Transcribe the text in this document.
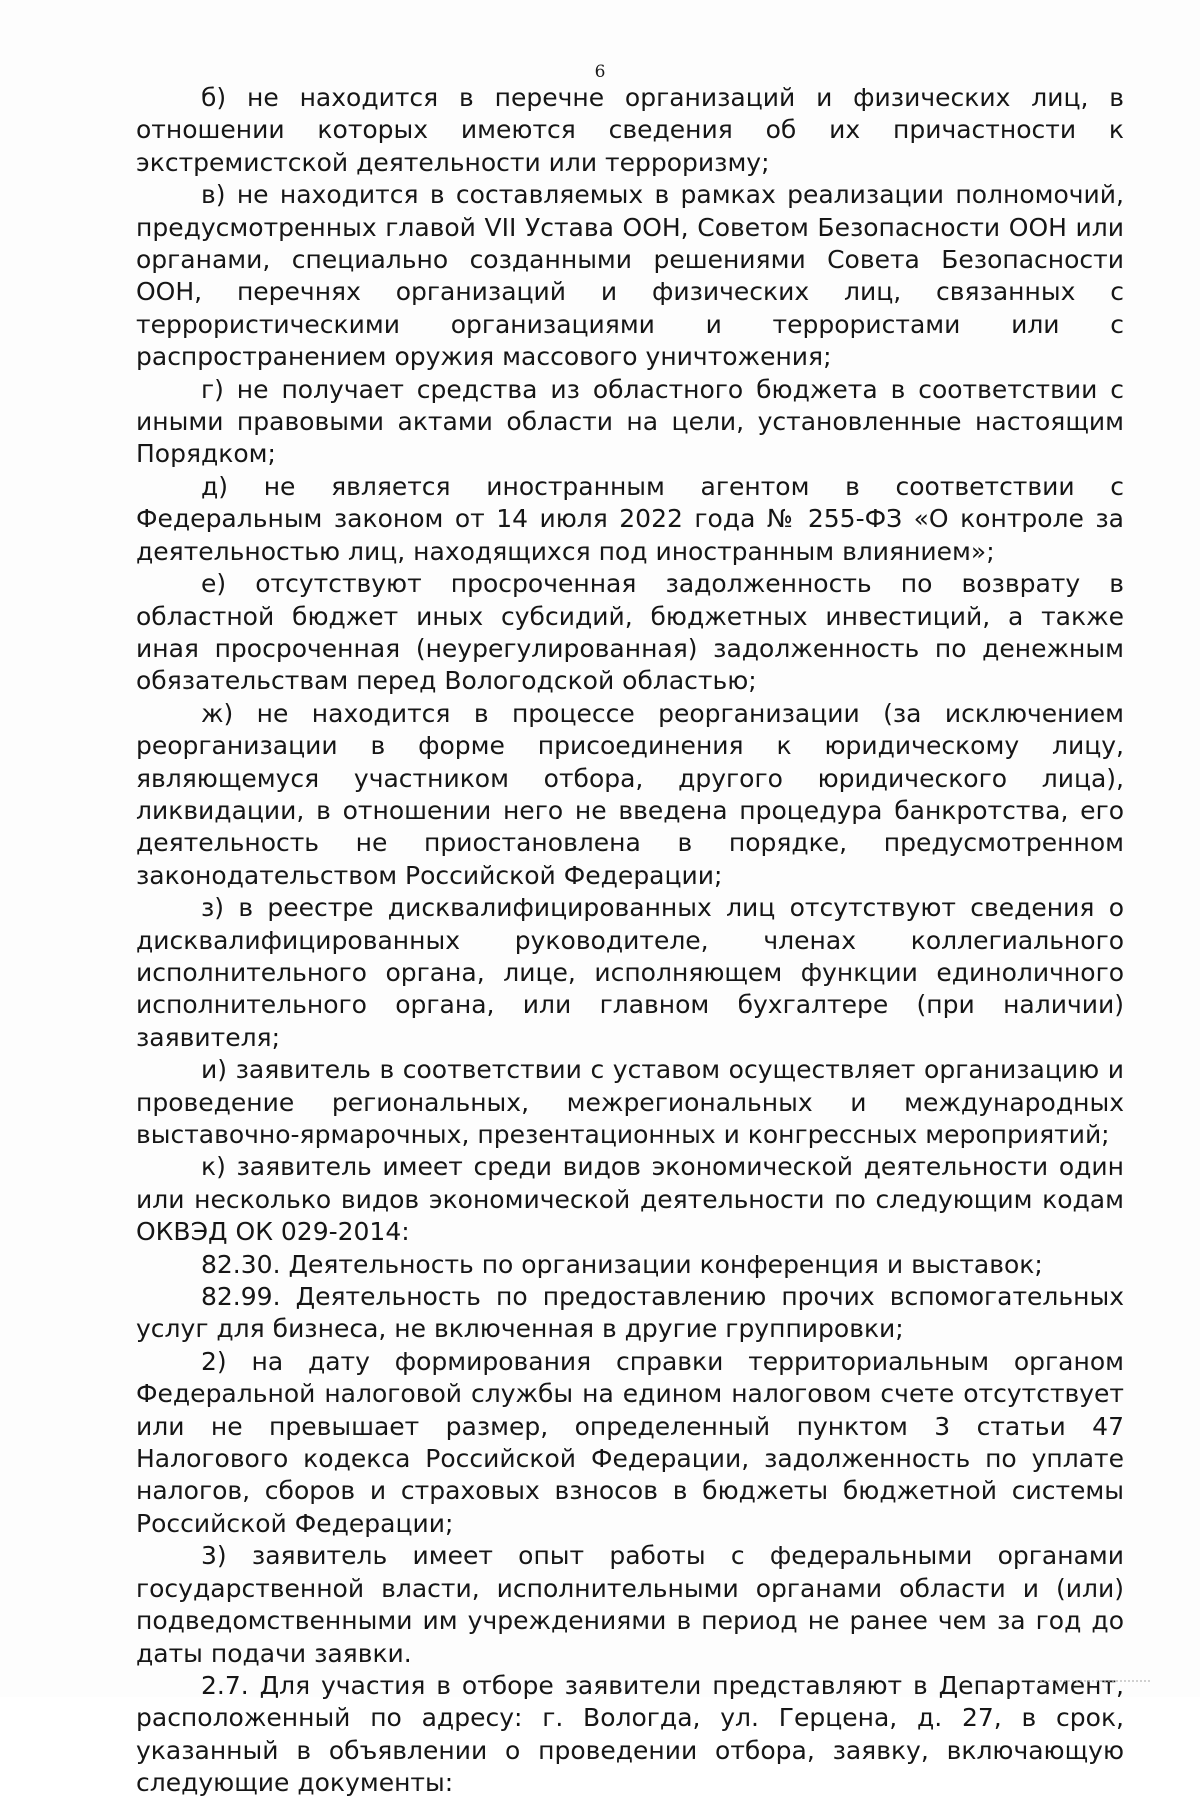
6

б) не находится в перечне организаций и физических лиц, в отношении которых имеются сведения об их причастности к экстремистской деятельности или терроризму;

в) не находится в составляемых в рамках реализации полномочий, предусмотренных главой VII Устава ООН, Советом Безопасности ООН или органами, специально созданными решениями Совета Безопасности ООН, перечнях организаций и физических лиц, связанных с террористическими организациями и террористами или с распространением оружия массового уничтожения;

г) не получает средства из областного бюджета в соответствии с иными правовыми актами области на цели, установленные настоящим Порядком;

д) не является иностранным агентом в соответствии с Федеральным законом от 14 июля 2022 года № 255-ФЗ «О контроле за деятельностью лиц, находящихся под иностранным влиянием»;

е) отсутствуют просроченная задолженность по возврату в областной бюджет иных субсидий, бюджетных инвестиций, а также иная просроченная (неурегулированная) задолженность по денежным обязательствам перед Вологодской областью;

ж) не находится в процессе реорганизации (за исключением реорганизации в форме присоединения к юридическому лицу, являющемуся участником отбора, другого юридического лица), ликвидации, в отношении него не введена процедура банкротства, его деятельность не приостановлена в порядке, предусмотренном законодательством Российской Федерации;

з) в реестре дисквалифицированных лиц отсутствуют сведения о дисквалифицированных руководителе, членах коллегиального исполнительного органа, лице, исполняющем функции единоличного исполнительного органа, или главном бухгалтере (при наличии) заявителя;

и) заявитель в соответствии с уставом осуществляет организацию и проведение региональных, межрегиональных и международных выставочно-ярмарочных, презентационных и конгрессных мероприятий;

к) заявитель имеет среди видов экономической деятельности один или несколько видов экономической деятельности по следующим кодам ОКВЭД ОК 029-2014:

82.30. Деятельность по организации конференция и выставок;

82.99. Деятельность по предоставлению прочих вспомогательных услуг для бизнеса, не включенная в другие группировки;

2) на дату формирования справки территориальным органом Федеральной налоговой службы на едином налоговом счете отсутствует или не превышает размер, определенный пунктом 3 статьи 47 Налогового кодекса Российской Федерации, задолженность по уплате налогов, сборов и страховых взносов в бюджеты бюджетной системы Российской Федерации;

3) заявитель имеет опыт работы с федеральными органами государственной власти, исполнительными органами области и (или) подведомственными им учреждениями в период не ранее чем за год до даты подачи заявки.

2.7. Для участия в отборе заявители представляют в Департамент, расположенный по адресу: г. Вологда, ул. Герцена, д. 27, в срок, указанный в объявлении о проведении отбора, заявку, включающую следующие документы:
